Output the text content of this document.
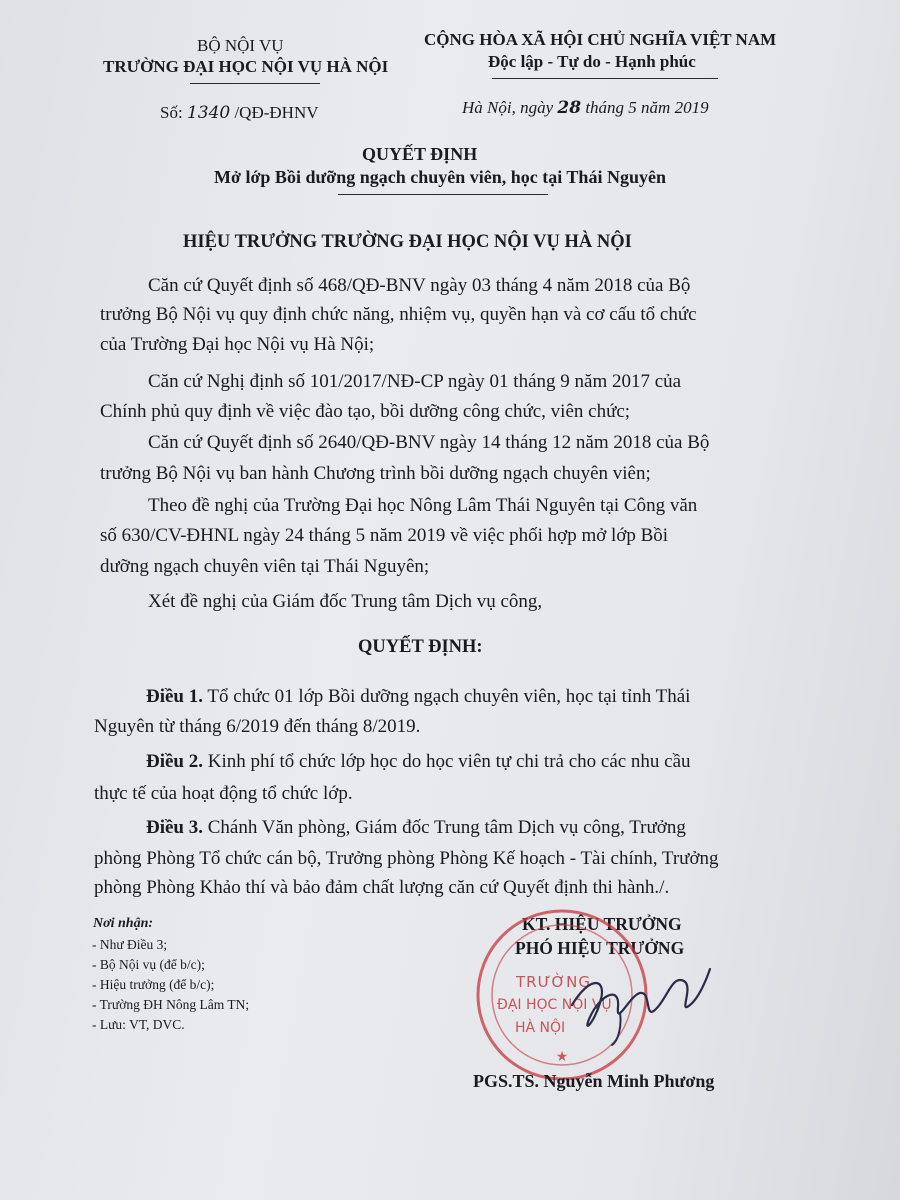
BỘ NỘI VỤ
TRƯỜNG ĐẠI HỌC NỘI VỤ HÀ NỘI
Số: 1340 /QĐ-ĐHNV
CỘNG HÒA XÃ HỘI CHỦ NGHĨA VIỆT NAM
Độc lập - Tự do - Hạnh phúc
Hà Nội, ngày 28 tháng 5 năm 2019
QUYẾT ĐỊNH
Mở lớp Bồi dưỡng ngạch chuyên viên, học tại Thái Nguyên
HIỆU TRƯỞNG TRƯỜNG ĐẠI HỌC NỘI VỤ HÀ NỘI
Căn cứ Quyết định số 468/QĐ-BNV ngày 03 tháng 4 năm 2018 của Bộ
trưởng Bộ Nội vụ quy định chức năng, nhiệm vụ, quyền hạn và cơ cấu tổ chức
của Trường Đại học Nội vụ Hà Nội;
Căn cứ Nghị định số 101/2017/NĐ-CP ngày 01 tháng 9 năm 2017 của
Chính phủ quy định về việc đào tạo, bồi dưỡng công chức, viên chức;
Căn cứ Quyết định số 2640/QĐ-BNV ngày 14 tháng 12 năm 2018 của Bộ
trưởng Bộ Nội vụ ban hành Chương trình bồi dưỡng ngạch chuyên viên;
Theo đề nghị của Trường Đại học Nông Lâm Thái Nguyên tại Công văn
số 630/CV-ĐHNL ngày 24 tháng 5 năm 2019 về việc phối hợp mở lớp Bồi
dưỡng ngạch chuyên viên tại Thái Nguyên;
Xét đề nghị của Giám đốc Trung tâm Dịch vụ công,
QUYẾT ĐỊNH:
Điều 1. Tổ chức 01 lớp Bồi dưỡng ngạch chuyên viên, học tại tỉnh Thái
Nguyên từ tháng 6/2019 đến tháng 8/2019.
Điều 2. Kinh phí tổ chức lớp học do học viên tự chi trả cho các nhu cầu
thực tế của hoạt động tổ chức lớp.
Điều 3. Chánh Văn phòng, Giám đốc Trung tâm Dịch vụ công, Trưởng
phòng Phòng Tổ chức cán bộ, Trưởng phòng Phòng Kế hoạch - Tài chính, Trưởng
phòng Phòng Khảo thí và bảo đảm chất lượng căn cứ Quyết định thi hành./.
Nơi nhận:
- Như Điều 3;
- Bộ Nội vụ (để b/c);
- Hiệu trưởng (để b/c);
- Trường ĐH Nông Lâm TN;
- Lưu: VT, DVC.
KT. HIỆU TRƯỞNG
PHÓ HIỆU TRƯỞNG
★
TRƯỜNG
ĐẠI HỌC NỘI VỤ
HÀ NỘI
PGS.TS. Nguyễn Minh Phương
